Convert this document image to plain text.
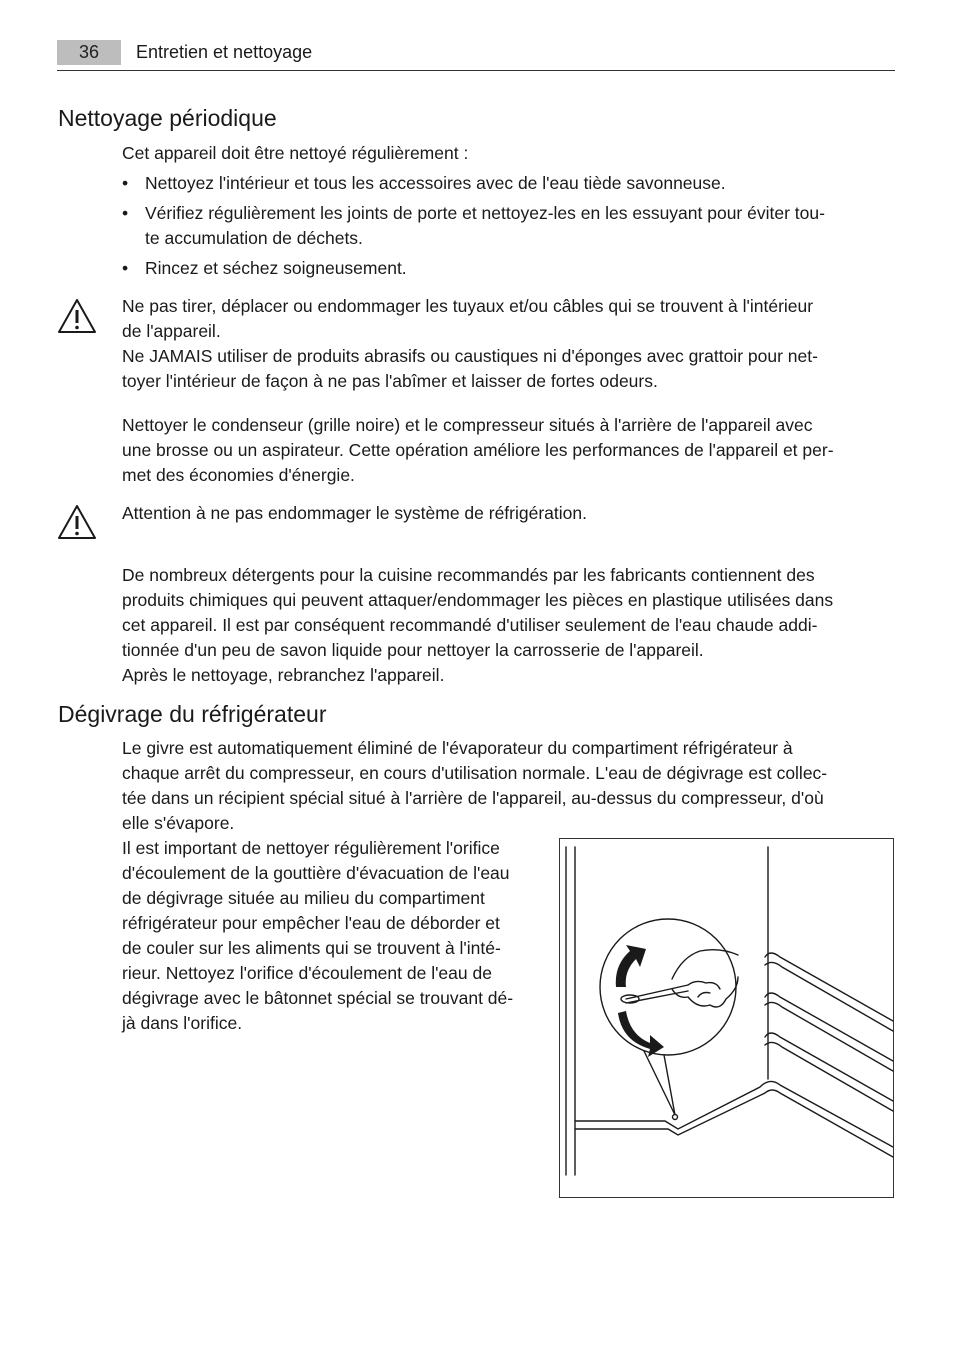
36	Entretien et nettoyage
Nettoyage périodique

Cet appareil doit être nettoyé régulièrement :

• Nettoyez l'intérieur et tous les accessoires avec de l'eau tiède savonneuse.
• Vérifiez régulièrement les joints de porte et nettoyez-les en les essuyant pour éviter tou-
te accumulation de déchets.
• Rincez et séchez soigneusement.

Ne pas tirer, déplacer ou endommager les tuyaux et/ou câbles qui se trouvent à l'intérieur
de l'appareil.
Ne JAMAIS utiliser de produits abrasifs ou caustiques ni d'éponges avec grattoir pour net-
toyer l'intérieur de façon à ne pas l'abîmer et laisser de fortes odeurs.

Nettoyer le condenseur (grille noire) et le compresseur situés à l'arrière de l'appareil avec
une brosse ou un aspirateur. Cette opération améliore les performances de l'appareil et per-
met des économies d'énergie.

Attention à ne pas endommager le système de réfrigération.

De nombreux détergents pour la cuisine recommandés par les fabricants contiennent des
produits chimiques qui peuvent attaquer/endommager les pièces en plastique utilisées dans
cet appareil. Il est par conséquent recommandé d'utiliser seulement de l'eau chaude addi-
tionnée d'un peu de savon liquide pour nettoyer la carrosserie de l'appareil.
Après le nettoyage, rebranchez l'appareil.

Dégivrage du réfrigérateur

Le givre est automatiquement éliminé de l'évaporateur du compartiment réfrigérateur à
chaque arrêt du compresseur, en cours d'utilisation normale. L'eau de dégivrage est collec-
tée dans un récipient spécial situé à l'arrière de l'appareil, au-dessus du compresseur, d'où
elle s'évapore.

Il est important de nettoyer régulièrement l'orifice
d'écoulement de la gouttière d'évacuation de l'eau
de dégivrage située au milieu du compartiment
réfrigérateur pour empêcher l'eau de déborder et
de couler sur les aliments qui se trouvent à l'inté-
rieur. Nettoyez l'orifice d'écoulement de l'eau de
dégivrage avec le bâtonnet spécial se trouvant dé-
jà dans l'orifice.
